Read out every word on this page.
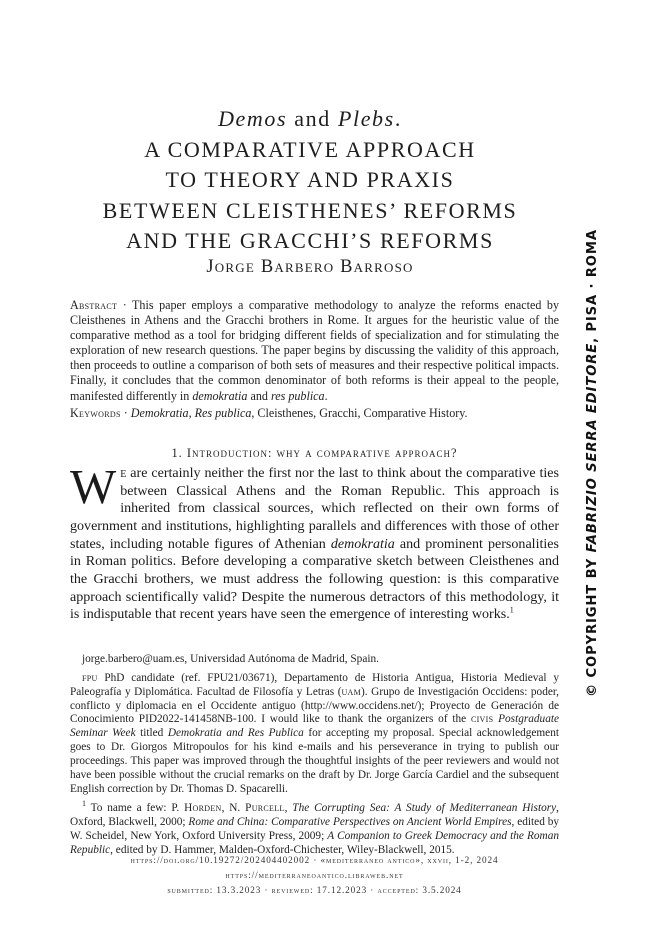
Demos and Plebs.
A COMPARATIVE APPROACH
TO THEORY AND PRAXIS
BETWEEN CLEISTHENES’ REFORMS
AND THE GRACCHI’S REFORMS
Jorge Barbero Barroso

Abstract · This paper employs a comparative methodology to analyze the reforms enacted by Cleisthenes in Athens and the Gracchi brothers in Rome. It argues for the heuristic value of the comparative method as a tool for bridging different fields of specialization and for stimulating the exploration of new research questions. The paper begins by discussing the validity of this approach, then proceeds to outline a comparison of both sets of measures and their respective political impacts. Finally, it concludes that the common denominator of both reforms is their appeal to the people, manifested differently in demokratia and res publica.

Keywords · Demokratia, Res publica, Cleisthenes, Gracchi, Comparative History.

1. Introduction: why a comparative approach?

We are certainly neither the first nor the last to think about the comparative ties between Classical Athens and the Roman Republic. This approach is inherited from classical sources, which reflected on their own forms of government and institutions, highlighting parallels and differences with those of other states, including notable figures of Athenian demokratia and prominent personalities in Roman politics. Before developing a comparative sketch between Cleisthenes and the Gracchi brothers, we must address the following question: is this comparative approach scientifically valid? Despite the numerous detractors of this methodology, it is indisputable that recent years have seen the emergence of interesting works.$^1$

jorge.barbero@uam.es, Universidad Autónoma de Madrid, Spain.

fpu PhD candidate (ref. FPU21/03671), Departamento de Historia Antigua, Historia Medieval y Paleografía y Diplomática. Facultad de Filosofía y Letras (uam). Grupo de Investigación Occidens: poder, conflicto y diplomacia en el Occidente antiguo (http://www.occidens.net/); Proyecto de Generación de Conocimiento PID2022-141458NB-100. I would like to thank the organizers of the civis Postgraduate Seminar Week titled Demokratia and Res Publica for accepting my proposal. Special acknowledgement goes to Dr. Giorgos Mitropoulos for his kind e-mails and his perseverance in trying to publish our proceedings. This paper was improved through the thoughtful insights of the peer reviewers and would not have been possible without the crucial remarks on the draft by Dr. Jorge García Cardiel and the subsequent English correction by Dr. Thomas D. Spacarelli.

$^1$ To name a few: P. Horden, N. Purcell, The Corrupting Sea: A Study of Mediterranean History, Oxford, Blackwell, 2000; Rome and China: Comparative Perspectives on Ancient World Empires, edited by W. Scheidel, New York, Oxford University Press, 2009; A Companion to Greek Democracy and the Roman Republic, edited by D. Hammer, Malden-Oxford-Chichester, Wiley-Blackwell, 2015.

https://doi.org/10.19272/202404402002 · «mediterraneo antico», xxvii, 1-2, 2024
https://mediterraneoantico.libraweb.net
submitted: 13.3.2023 · reviewed: 17.12.2023 · accepted: 3.5.2024
© COPYRIGHT BY FABRIZIO SERRA EDITORE, PISA · ROMA
